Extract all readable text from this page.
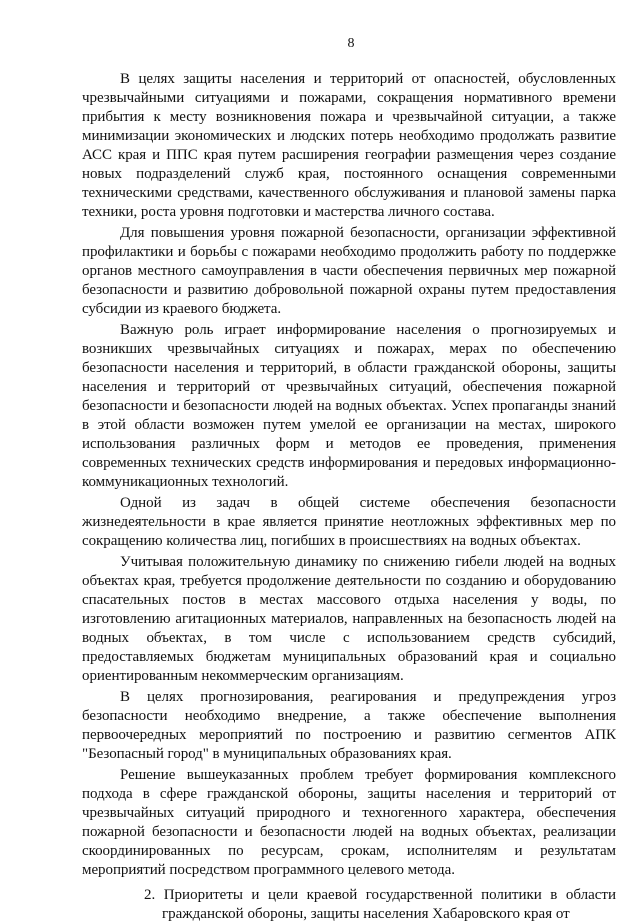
8

В целях защиты населения и территорий от опасностей, обусловленных чрезвычайными ситуациями и пожарами, сокращения нормативного времени прибытия к месту возникновения пожара и чрезвычайной ситуации, а также минимизации экономических и людских потерь необходимо продолжать развитие АСС края и ППС края путем расширения географии размещения через создание новых подразделений служб края, постоянного оснащения современными техническими средствами, качественного обслуживания и плановой замены парка техники, роста уровня подготовки и мастерства личного состава.

Для повышения уровня пожарной безопасности, организации эффективной профилактики и борьбы с пожарами необходимо продолжить работу по поддержке органов местного самоуправления в части обеспечения первичных мер пожарной безопасности и развитию добровольной пожарной охраны путем предоставления субсидии из краевого бюджета.

Важную роль играет информирование населения о прогнозируемых и возникших чрезвычайных ситуациях и пожарах, мерах по обеспечению безопасности населения и территорий, в области гражданской обороны, защиты населения и территорий от чрезвычайных ситуаций, обеспечения пожарной безопасности и безопасности людей на водных объектах. Успех пропаганды знаний в этой области возможен путем умелой ее организации на местах, широкого использования различных форм и методов ее проведения, применения современных технических средств информирования и передовых информационно-коммуникационных технологий.

Одной из задач в общей системе обеспечения безопасности жизнедеятельности в крае является принятие неотложных эффективных мер по сокращению количества лиц, погибших в происшествиях на водных объектах.

Учитывая положительную динамику по снижению гибели людей на водных объектах края, требуется продолжение деятельности по созданию и оборудованию спасательных постов в местах массового отдыха населения у воды, по изготовлению агитационных материалов, направленных на безопасность людей на водных объектах, в том числе с использованием средств субсидий, предоставляемых бюджетам муниципальных образований края и социально ориентированным некоммерческим организациям.

В целях прогнозирования, реагирования и предупреждения угроз безопасности необходимо внедрение, а также обеспечение выполнения первоочередных мероприятий по построению и развитию сегментов АПК "Безопасный город" в муниципальных образованиях края.

Решение вышеуказанных проблем требует формирования комплексного подхода в сфере гражданской обороны, защиты населения и территорий от чрезвычайных ситуаций природного и техногенного характера, обеспечения пожарной безопасности и безопасности людей на водных объектах, реализации скоординированных по ресурсам, срокам, исполнителям и результатам мероприятий посредством программного целевого метода.

2. Приоритеты и цели краевой государственной политики в области гражданской обороны, защиты населения Хабаровского края от
